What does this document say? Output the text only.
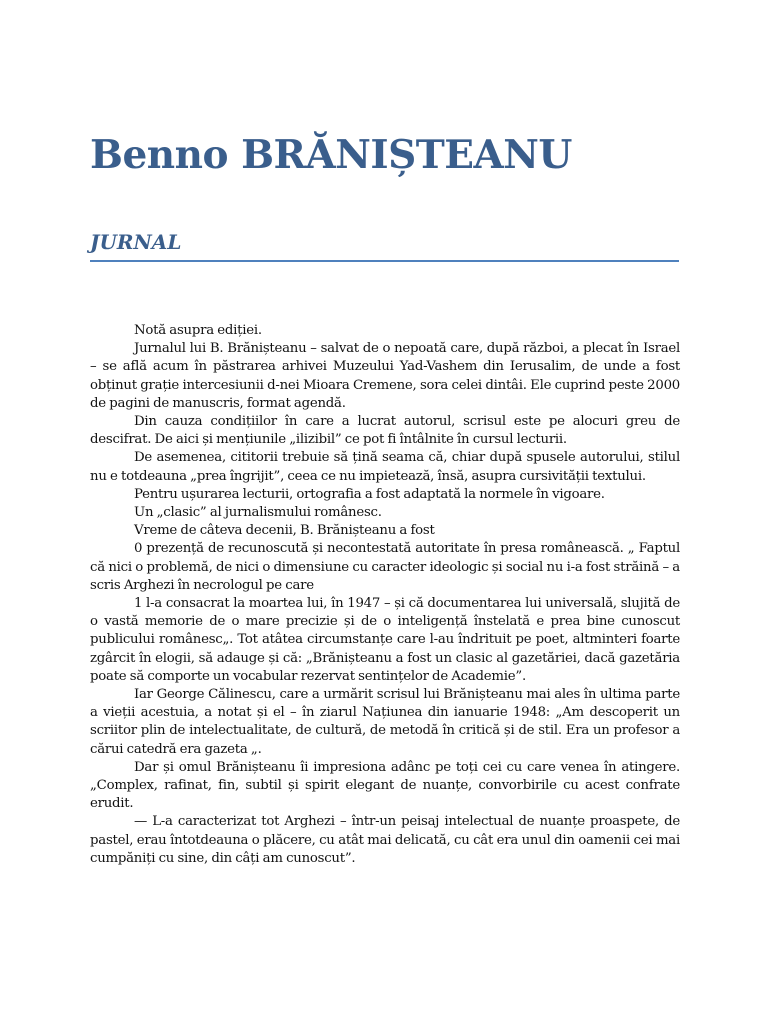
Benno BRĂNIȘTEANU
JURNAL

Notă asupra ediției.

Jurnalul lui B. Brănișteanu – salvat de o nepoată care, după război, a plecat în Israel – se află acum în păstrarea arhivei Muzeului Yad-Vashem din Ierusalim, de unde a fost obținut grație intercesiunii d-nei Mioara Cremene, sora celei dintâi. Ele cuprind peste 2000 de pagini de manuscris, format agendă.

Din cauza condițiilor în care a lucrat autorul, scrisul este pe alocuri greu de descifrat. De aici și mențiunile „ilizibil” ce pot fi întâlnite în cursul lecturii.

De asemenea, cititorii trebuie să țină seama că, chiar după spusele autorului, stilul nu e totdeauna „prea îngrijit”, ceea ce nu impietează, însă, asupra cursivității textului.

Pentru ușurarea lecturii, ortografia a fost adaptată la normele în vigoare.

Un „clasic” al jurnalismului românesc.

Vreme de câteva decenii, B. Brănișteanu a fost

0 prezență de recunoscută și necontestată autoritate în presa românească. „ Faptul că nici o problemă, de nici o dimensiune cu caracter ideologic și social nu i-a fost străină – a scris Arghezi în necrologul pe care

1 l-a consacrat la moartea lui, în 1947 – și că documentarea lui universală, slujită de o vastă memorie de o mare precizie și de o inteligență înstelată e prea bine cunoscut publicului românesc„. Tot atâtea circumstanțe care l-au îndrituit pe poet, altminteri foarte zgârcit în elogii, să adauge și că: „Brănișteanu a fost un clasic al gazetăriei, dacă gazetăria poate să comporte un vocabular rezervat sentințelor de Academie”.

Iar George Călinescu, care a urmărit scrisul lui Brănișteanu mai ales în ultima parte a vieții acestuia, a notat și el – în ziarul Națiunea din ianuarie 1948: „Am descoperit un scriitor plin de intelectualitate, de cultură, de metodă în critică și de stil. Era un profesor a cărui catedră era gazeta „.

Dar și omul Brănișteanu îi impresiona adânc pe toți cei cu care venea în atingere. „Complex, rafinat, fin, subtil și spirit elegant de nuanțe, convorbirile cu acest confrate erudit.

— L-a caracterizat tot Arghezi – într-un peisaj intelectual de nuanțe proaspete, de pastel, erau întotdeauna o plăcere, cu atât mai delicată, cu cât era unul din oamenii cei mai cumpăniți cu sine, din câți am cunoscut”.
